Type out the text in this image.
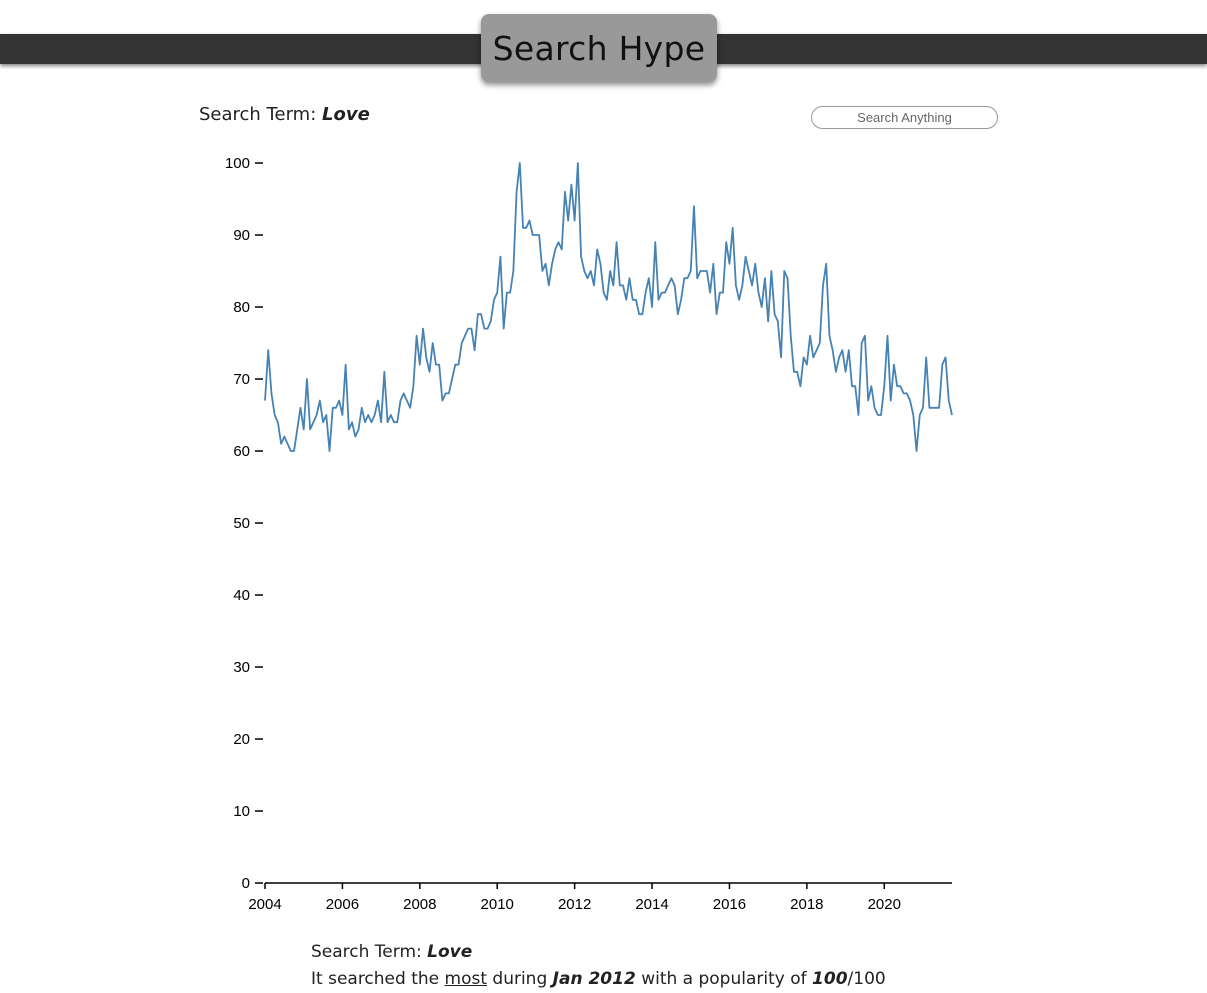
Search Hype
Search Term: Love
Search Anything
0
10
20
30
40
50
60
70
80
90
100
2004	2006	2008	2010	2012	2014	2016	2018	2020
Search Term: Love
It searched the most during Jan 2012 with a popularity of 100/100
